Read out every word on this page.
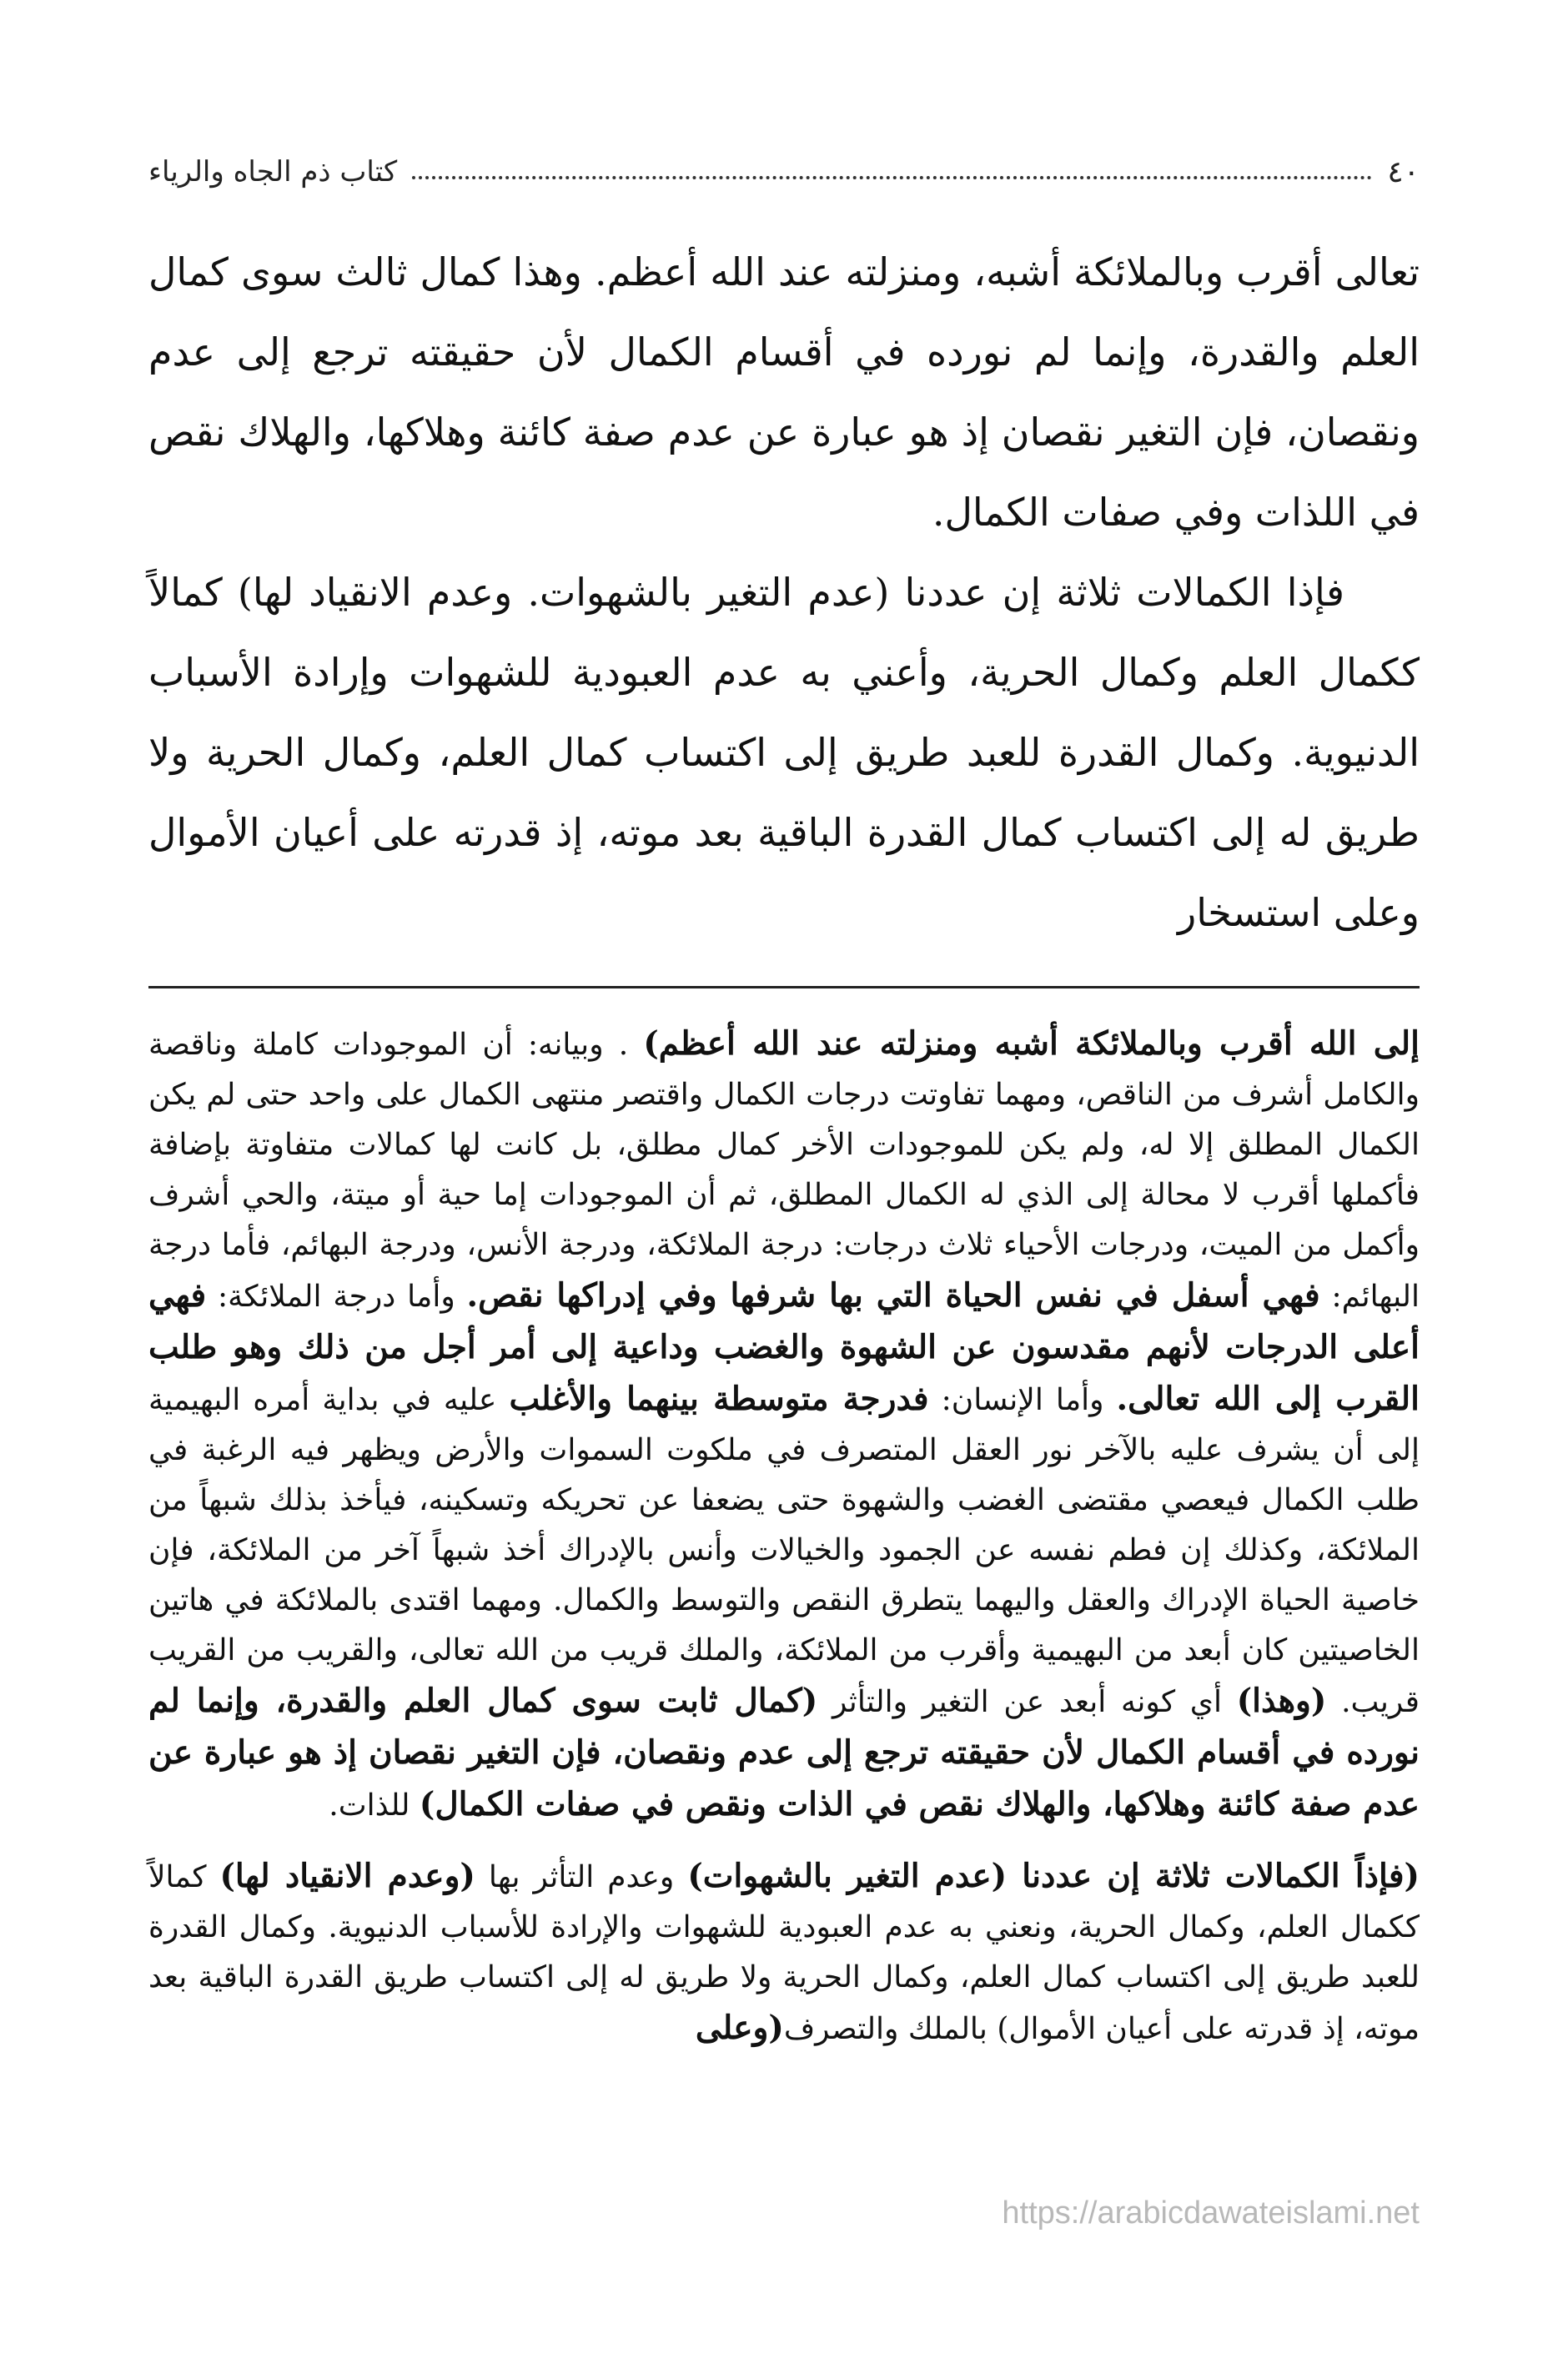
٤٠
كتاب ذم الجاه والرياء

تعالى أقرب وبالملائكة أشبه، ومنزلته عند الله أعظم. وهذا كمال ثالث سوى كمال العلم والقدرة، وإنما لم نورده في أقسام الكمال لأن حقيقته ترجع إلى عدم ونقصان، فإن التغير نقصان إذ هو عبارة عن عدم صفة كائنة وهلاكها، والهلاك نقص في اللذات وفي صفات الكمال.

فإذا الكمالات ثلاثة إن عددنا (عدم التغير بالشهوات. وعدم الانقياد لها) كمالاً ككمال العلم وكمال الحرية، وأعني به عدم العبودية للشهوات وإرادة الأسباب الدنيوية. وكمال القدرة للعبد طريق إلى اكتساب كمال العلم، وكمال الحرية ولا طريق له إلى اكتساب كمال القدرة الباقية بعد موته، إذ قدرته على أعيان الأموال وعلى استسخار

إلى الله أقرب وبالملائكة أشبه ومنزلته عند الله أعظم) . وبيانه: أن الموجودات كاملة وناقصة والكامل أشرف من الناقص، ومهما تفاوتت درجات الكمال واقتصر منتهى الكمال على واحد حتى لم يكن الكمال المطلق إلا له، ولم يكن للموجودات الأخر كمال مطلق، بل كانت لها كمالات متفاوتة بإضافة فأكملها أقرب لا محالة إلى الذي له الكمال المطلق، ثم أن الموجودات إما حية أو ميتة، والحي أشرف وأكمل من الميت، ودرجات الأحياء ثلاث درجات: درجة الملائكة، ودرجة الأنس، ودرجة البهائم، فأما درجة البهائم: فهي أسفل في نفس الحياة التي بها شرفها وفي إدراكها نقص. وأما درجة الملائكة: فهي أعلى الدرجات لأنهم مقدسون عن الشهوة والغضب وداعية إلى أمر أجل من ذلك وهو طلب القرب إلى الله تعالى. وأما الإنسان: فدرجة متوسطة بينهما والأغلب عليه في بداية أمره البهيمية إلى أن يشرف عليه بالآخر نور العقل المتصرف في ملكوت السموات والأرض ويظهر فيه الرغبة في طلب الكمال فيعصي مقتضى الغضب والشهوة حتى يضعفا عن تحريكه وتسكينه، فيأخذ بذلك شبهاً من الملائكة، وكذلك إن فطم نفسه عن الجمود والخيالات وأنس بالإدراك أخذ شبهاً آخر من الملائكة، فإن خاصية الحياة الإدراك والعقل واليهما يتطرق النقص والتوسط والكمال. ومهما اقتدى بالملائكة في هاتين الخاصيتين كان أبعد من البهيمية وأقرب من الملائكة، والملك قريب من الله تعالى، والقريب من القريب قريب. (وهذا) أي كونه أبعد عن التغير والتأثر (كمال ثابت سوى كمال العلم والقدرة، وإنما لم نورده في أقسام الكمال لأن حقيقته ترجع إلى عدم ونقصان، فإن التغير نقصان إذ هو عبارة عن عدم صفة كائنة وهلاكها، والهلاك نقص في الذات ونقص في صفات الكمال) للذات.

(فإذاً الكمالات ثلاثة إن عددنا (عدم التغير بالشهوات) وعدم التأثر بها (وعدم الانقياد لها) كمالاً ككمال العلم، وكمال الحرية، ونعني به عدم العبودية للشهوات والإرادة للأسباب الدنيوية. وكمال القدرة للعبد طريق إلى اكتساب كمال العلم، وكمال الحرية ولا طريق له إلى اكتساب طريق القدرة الباقية بعد موته، إذ قدرته على أعيان الأموال) بالملك والتصرف(وعلى

https://arabicdawateislami.net
